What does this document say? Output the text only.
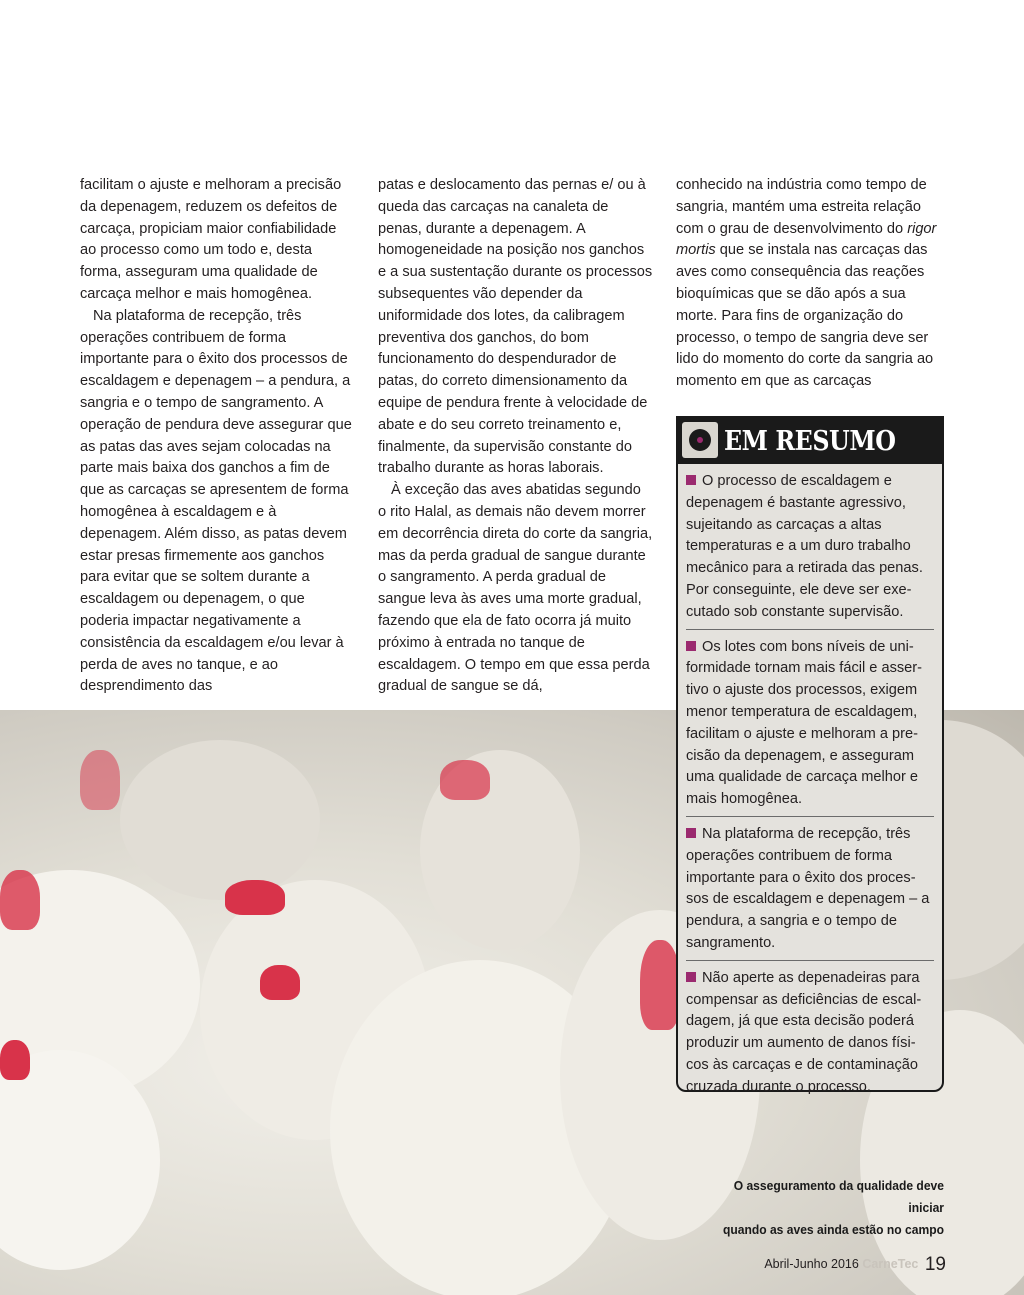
facilitam o ajuste e melhoram a precisão da depenagem, reduzem os defeitos de carcaça, propiciam maior confiabilidade ao processo como um todo e, desta forma, asseguram uma qualidade de carcaça melhor e mais homogênea.

Na plataforma de recepção, três operações contribuem de forma importante para o êxito dos processos de escaldagem e depenagem – a pendura, a sangria e o tempo de sangramento. A operação de pendura deve assegurar que as patas das aves sejam colocadas na parte mais baixa dos ganchos a fim de que as carcaças se apresentem de forma homogênea à escaldagem e à depenagem. Além disso, as patas devem estar presas firmemente aos ganchos para evitar que se soltem durante a escaldagem ou depenagem, o que poderia impactar negativamente a consistência da escaldagem e/ou levar à perda de aves no tanque, e ao desprendimento das

patas e deslocamento das pernas e/ ou à queda das carcaças na canaleta de penas, durante a depenagem. A homogeneidade na posição nos ganchos e a sua sustentação durante os processos subsequentes vão depender da uniformidade dos lotes, da calibragem preventiva dos ganchos, do bom funcionamento do despendurador de patas, do correto dimensionamento da equipe de pendura frente à velocidade de abate e do seu correto treinamento e, finalmente, da supervisão constante do trabalho durante as horas laborais.

À exceção das aves abatidas segundo o rito Halal, as demais não devem morrer em decorrência direta do corte da sangria, mas da perda gradual de sangue durante o sangramento. A perda gradual de sangue leva às aves uma morte gradual, fazendo que ela de fato ocorra já muito próximo à entrada no tanque de escaldagem. O tempo em que essa perda gradual de sangue se dá,

conhecido na indústria como tempo de sangria, mantém uma estreita relação com o grau de desenvolvimento do rigor mortis que se instala nas carcaças das aves como consequência das reações bioquímicas que se dão após a sua morte. Para fins de organização do processo, o tempo de sangria deve ser lido do momento do corte da sangria ao momento em que as carcaças

EM RESUMO
O processo de escaldagem e depenagem é bastante agressivo, sujeitando as carcaças a altas temperaturas e a um duro trabalho mecânico para a retirada das penas. Por conseguinte, ele deve ser exe-cutado sob constante supervisão.
Os lotes com bons níveis de uni-formidade tornam mais fácil e asser-tivo o ajuste dos processos, exigem menor temperatura de escaldagem, facilitam o ajuste e melhoram a pre-cisão da depenagem, e asseguram uma qualidade de carcaça melhor e mais homogênea.
Na plataforma de recepção, três operações contribuem de forma importante para o êxito dos proces-sos de escaldagem e depenagem – a pendura, a sangria e o tempo de sangramento.
Não aperte as depenadeiras para compensar as deficiências de escal-dagem, já que esta decisão poderá produzir um aumento de danos físi-cos às carcaças e de contaminação cruzada durante o processo.
O asseguramento da qualidade deve iniciar
quando as aves ainda estão no campo
Abril-Junho 2016 CarneTec 19
